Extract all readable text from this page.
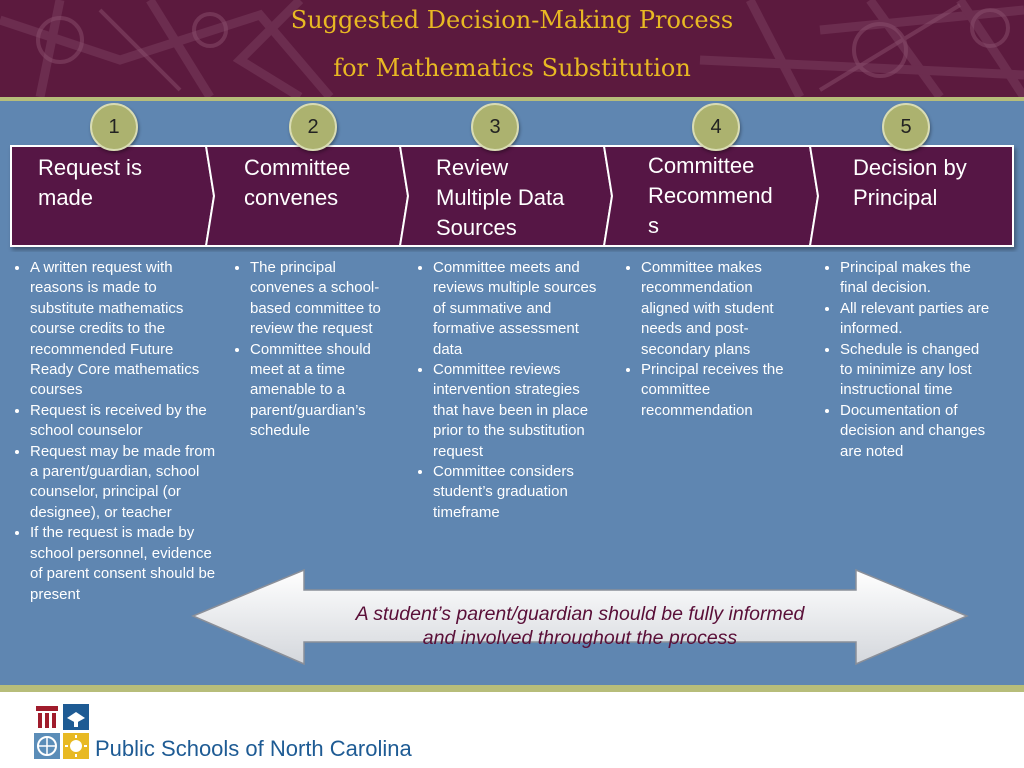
Suggested Decision-Making Process
for Mathematics Substitution
1	2	3	4	5
Request is
made
Committee
convenes
Review
Multiple Data
Sources
Committee
Recommend
s
Decision by
Principal
• A written request with reasons is made to substitute mathematics course credits to the recommended Future Ready Core mathematics courses
• Request is received by the school counselor
• Request may be made from a parent/guardian, school counselor, principal (or designee), or teacher
• If the request is made by school personnel, evidence of parent consent should be present
• The principal convenes a school-based committee to review the request
• Committee should meet at a time amenable to a parent/guardian’s schedule
• Committee meets and reviews multiple sources of summative and formative assessment data
• Committee reviews intervention strategies that have been in place prior to the substitution request
• Committee considers student’s graduation timeframe
• Committee makes recommendation aligned with student needs and post-secondary plans
• Principal receives the committee recommendation
• Principal makes the final decision.
• All relevant parties are informed.
• Schedule is changed to minimize any lost instructional time
• Documentation of decision and changes are noted
A student’s parent/guardian should be fully informed
and involved throughout the process
Public Schools of North Carolina
